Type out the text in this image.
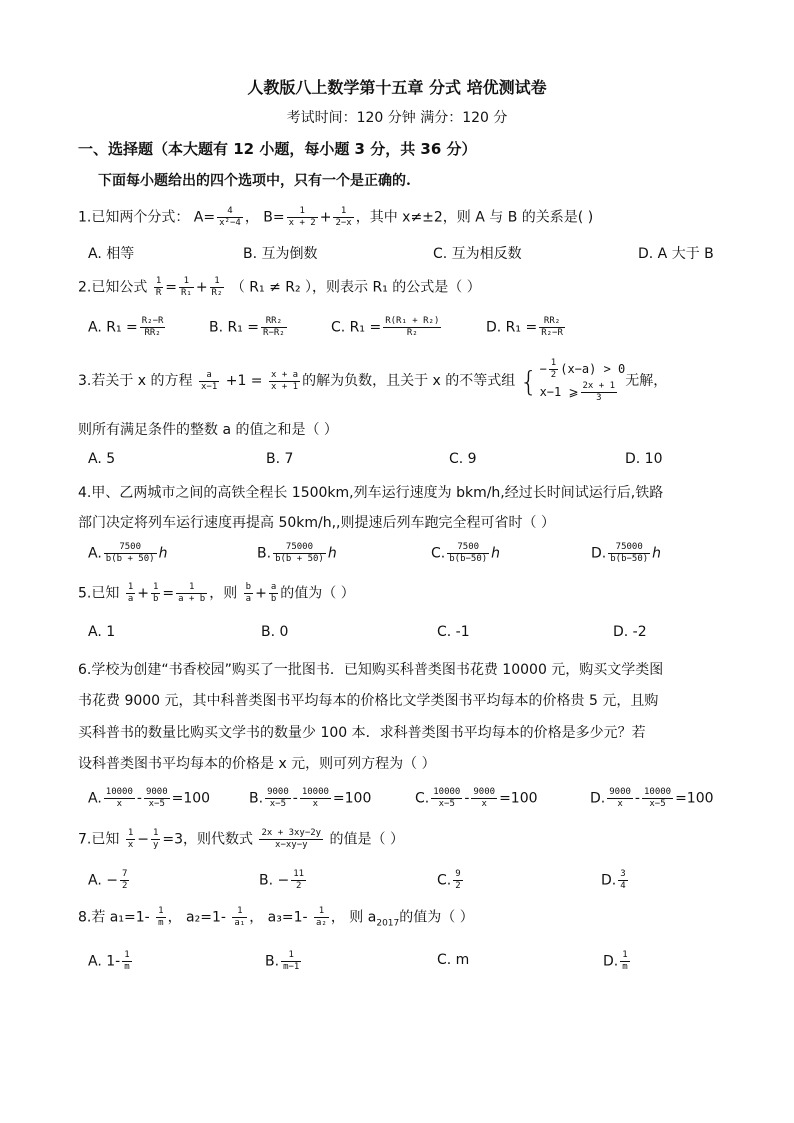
人教版八上数学第十五章 分式 培优测试卷
考试时间：120 分钟 满分：120 分
一、选择题（本大题有 12 小题，每小题 3 分，共 36 分）
下面每小题给出的四个选项中，只有一个是正确的.
1.已知两个分式： $A= \frac{4}{\text{x²−4}}$ ， $B= \frac{1}{x + 2} + \frac{1}{2-x}$ ，其中 x≠±2，则 A 与 B 的关系是( )
A. 相等	B. 互为倒数	C. 互为相反数	D. A 大于 B
2.已知公式 $\frac{1}{R} = \frac{1}{\text{R₁}} + \frac{1}{\text{R₂}}$ （ R₁ ≠ R₂ ），则表示 R₁ 的公式是（ ）
A. $R_1 = \frac{\text{R₂−R}}{\text{RR₂}}$	B. $R_1 = \frac{\text{RR₂}}{\text{R−R₂}}$	C. $R_1 = \frac{\text{R(R₁ + R₂)}}{\text{R₂}}$	D. $R_1 = \frac{\text{RR₂}}{\text{R₂−R}}$
3.若关于 x 的方程 $\frac{a}{x-1} +1 = \frac{x + a}{x + 1}$ 的解为负数，且关于 x 的不等式组 { − $\frac{1}{2} (x-a) > 0$
x−1 ⩾ $\frac{2x + 1}{3}$ 无解，
则所有满足条件的整数 a 的值之和是（ ）
A. 5	B. 7	C. 9	D. 10
4.甲、乙两城市之间的高铁全程长 1500km,列车运行速度为 bkm/h,经过长时间试运行后,铁路
部门决定将列车运行速度再提高 50km/h,,则提速后列车跑完全程可省时（ ）
A. $\frac{7500}{b(b + 50)}$ h	B. $\frac{75000}{b(b + 50)}$ h	C. $\frac{7500}{b(b-50)}$ h	D. $\frac{75000}{b(b-50)}$ h
5.已知 $\frac{1}{a} + \frac{1}{b} = \frac{1}{a + b}$ ，则 $\frac{b}{a} + \frac{a}{b}$ 的值为（ ）
A. 1	B. 0	C. -1	D. -2
6.学校为创建“书香校园”购买了一批图书．已知购买科普类图书花费 10000 元，购买文学类图
书花费 9000 元，其中科普类图书平均每本的价格比文学类图书平均每本的价格贵 5 元，且购
买科普书的数量比购买文学书的数量少 100 本．求科普类图书平均每本的价格是多少元？若
设科普类图书平均每本的价格是 x 元，则可列方程为（ ）
A. $\frac{10000}{x} - \frac{9000}{x-5} =100$	B. $\frac{9000}{x-5} - \frac{10000}{x} =100$	C. $\frac{10000}{x-5} - \frac{9000}{x} =100$	D. $\frac{9000}{x} - \frac{10000}{x-5} =100$
7.已知 $\frac{1}{x} - \frac{1}{y} =3$，则代数式 $\frac{2x + 3xy-2y}{x-xy-y}$ 的值是（ ）
A. − $\frac{7}{2}$	B. − $\frac{11}{2}$	C. $\frac{9}{2}$	D. $\frac{3}{4}$
8.若 $a_1=1- \frac{1}{m}$ ， $a_2=1- \frac{1}{\text{a₁}}$ ， $a_3=1- \frac{1}{\text{a₂}}$ ， 则 $a_{2017}$的值为（ ）
A. $1- \frac{1}{m}$	B. $\frac{1}{m-1}$	C. m	D. $\frac{1}{m}$
